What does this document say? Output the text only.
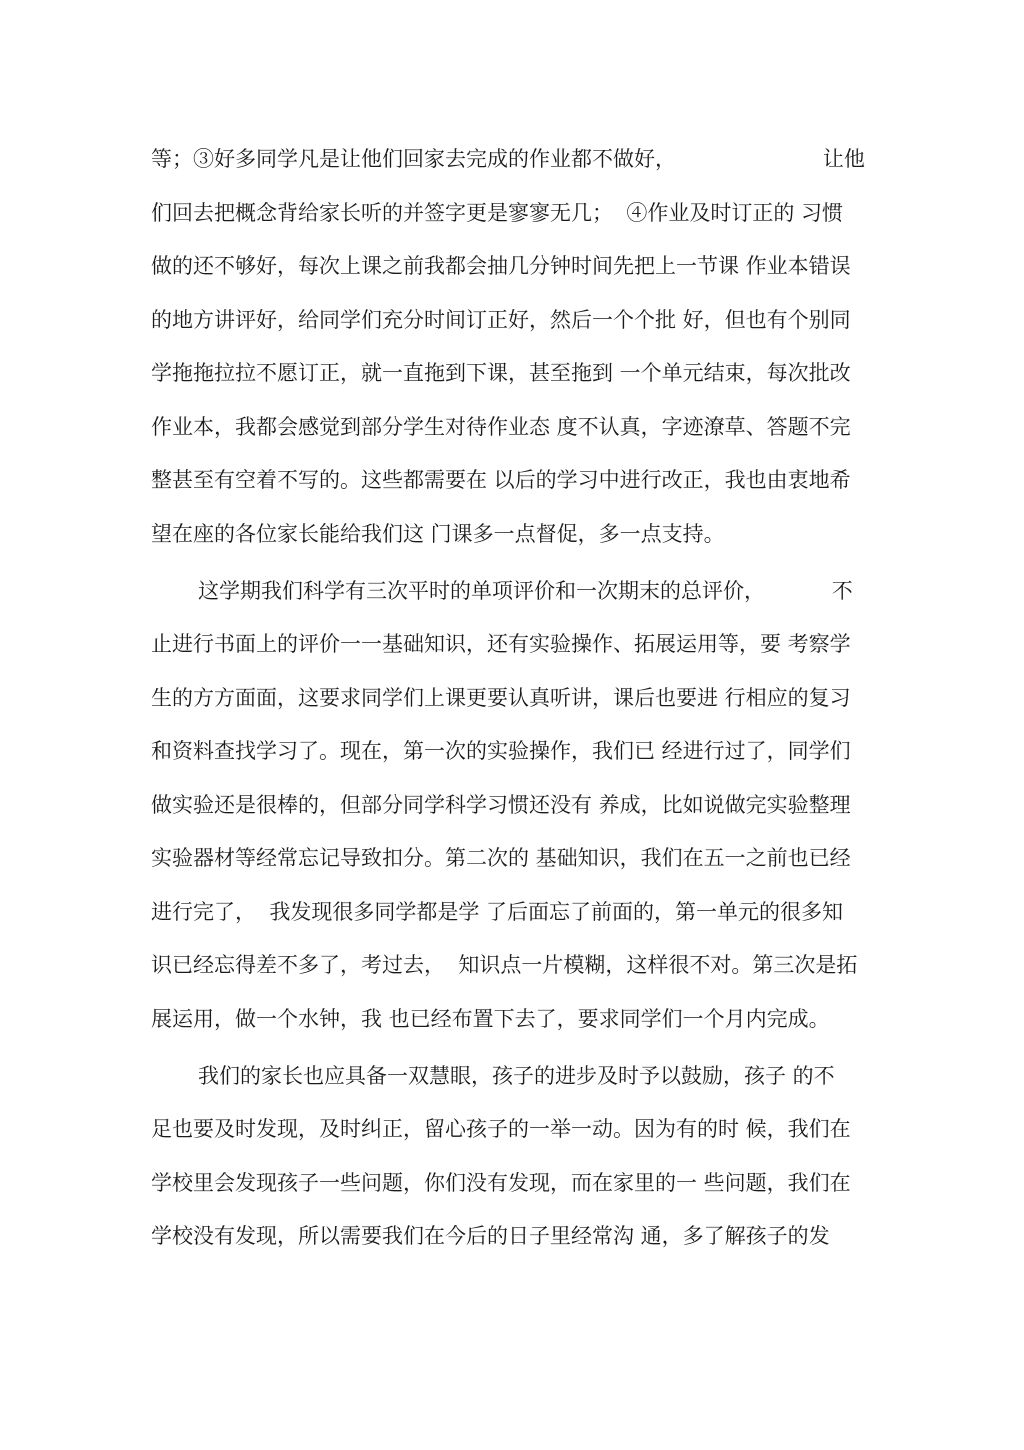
等；③好多同学凡是让他们回家去完成的作业都不做好，                      让他
们回去把概念背给家长听的并签字更是寥寥无几；  ④作业及时订正的 习惯
做的还不够好，每次上课之前我都会抽几分钟时间先把上一节课 作业本错误
的地方讲评好，给同学们充分时间订正好，然后一个个批 好，但也有个别同
学拖拖拉拉不愿订正，就一直拖到下课，甚至拖到 一个单元结束，每次批改
作业本，我都会感觉到部分学生对待作业态 度不认真，字迹潦草、答题不完
整甚至有空着不写的。这些都需要在 以后的学习中进行改正，我也由衷地希
望在座的各位家长能给我们这 门课多一点督促，多一点支持。
这学期我们科学有三次平时的单项评价和一次期末的总评价，          不
止进行书面上的评价一一基础知识，还有实验操作、拓展运用等，要 考察学
生的方方面面，这要求同学们上课更要认真听讲，课后也要进 行相应的复习
和资料查找学习了。现在，第一次的实验操作，我们已 经进行过了，同学们
做实验还是很棒的，但部分同学科学习惯还没有 养成，比如说做完实验整理
实验器材等经常忘记导致扣分。第二次的 基础知识，我们在五一之前也已经
进行完了，  我发现很多同学都是学 了后面忘了前面的，第一单元的很多知
识已经忘得差不多了，考过去，  知识点一片模糊，这样很不对。第三次是拓
展运用，做一个水钟，我 也已经布置下去了，要求同学们一个月内完成。
我们的家长也应具备一双慧眼，孩子的进步及时予以鼓励，孩子 的不
足也要及时发现，及时纠正，留心孩子的一举一动。因为有的时 候，我们在
学校里会发现孩子一些问题，你们没有发现，而在家里的一 些问题，我们在
学校没有发现，所以需要我们在今后的日子里经常沟 通，多了解孩子的发
